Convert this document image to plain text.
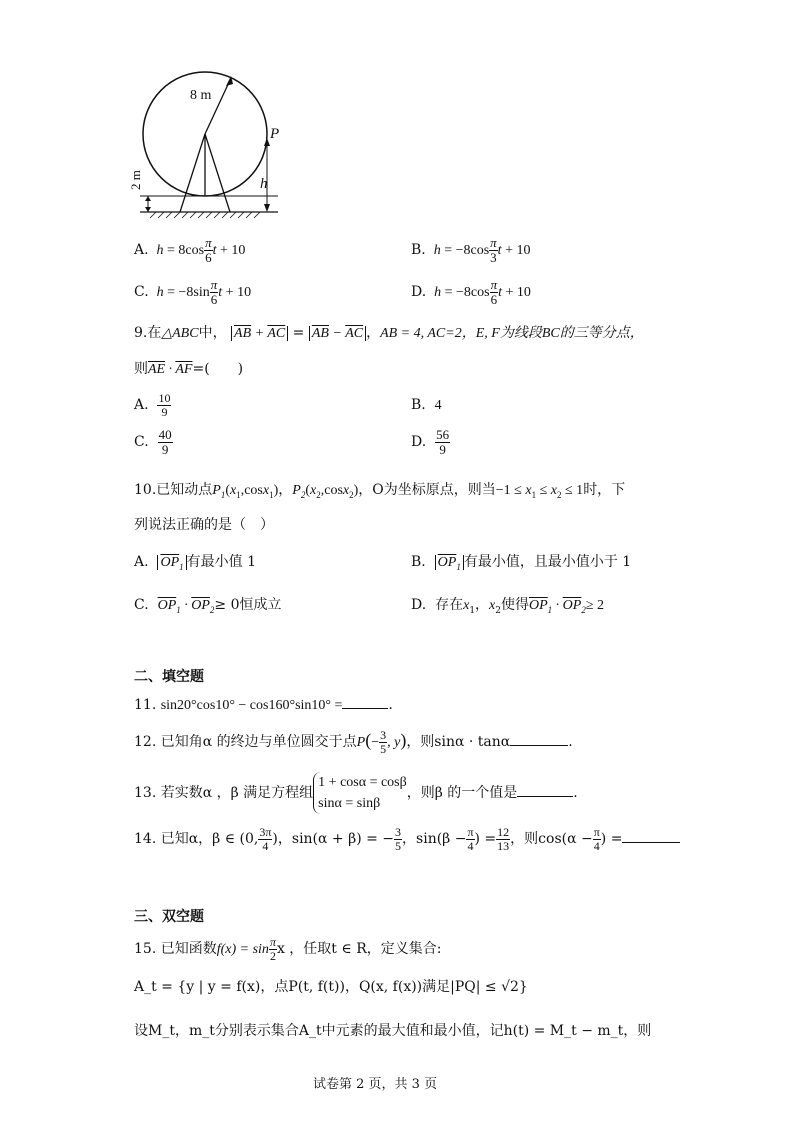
8 m
P
h
2 m
A.  $h = 8\cos \frac{\pi}{6}$ t + 10	B.  $h = -8\cos \frac{\pi}{3}$ t + 10
C.  $h = -8\sin \frac{\pi}{6}$ t + 10	D.  $h = -8\cos \frac{\pi}{6}$ t + 10
9.在△ABC中， $\overline{AB} + \overline{AC} = \overline{AB} - \overline{AC}$ ，AB = 4, AC=2，E, F为线段BC的三等分点，
则$\overline{AE} \cdot \overline{AF}=$(　　)
A. $\frac{10}{9}$	B. 4
C. $\frac{40}{9}$	D. $\frac{56}{9}$
10.已知动点$P_1(x_1,\cos x_1)$，$P_2(x_2,\cos x_2)$，O为坐标原点，则当$-1 \le x_1 \le x_2 \le 1$时，下
列说法正确的是（　）
A. $\overline{OP}_1$ 有最小值 1	B. $\overline{OP}_1$ 有最小值，且最小值小于 1
C. $\overline{OP}_1 \cdot \overline{OP}_2\ge 0$恒成立	D. 存在$x_1$，$x_2$使得$\overline{OP}_1 \cdot \overline{OP}_2\ge 2$
二、填空题
11. sin20°cos10° − cos160°sin10° =	.
12. 已知角α 的终边与单位圆交于点$P(- \frac{3}{5}$ , y)，则sinα · tanα	.
13. 若实数α ，β 满足方程组
1 + cosα = cosβ
sinα = sinβ
，则β 的一个值是	.
14. 已知α，β ∈ (0, $\frac{3\pi}{4}$ )，sin(α + β) = − $\frac{3}{5}$ ，$\sin(\beta - \frac{\pi}{4}$ ) = $\frac{12}{13}$ ，则$\cos(\alpha - \frac{\pi}{4}$ ) =
三、双空题
15. 已知函数$f(x) = \sin \frac{\pi}{2}$ x ，任取t ∈ R，定义集合:
A_t = {y | y = f(x)，点P(t, f(t))，Q(x, f(x))满足|PQ| ≤ √2}
设M_t，m_t分别表示集合A_t中元素的最大值和最小值，记h(t) = M_t − m_t，则
试卷第 2 页，共 3 页
